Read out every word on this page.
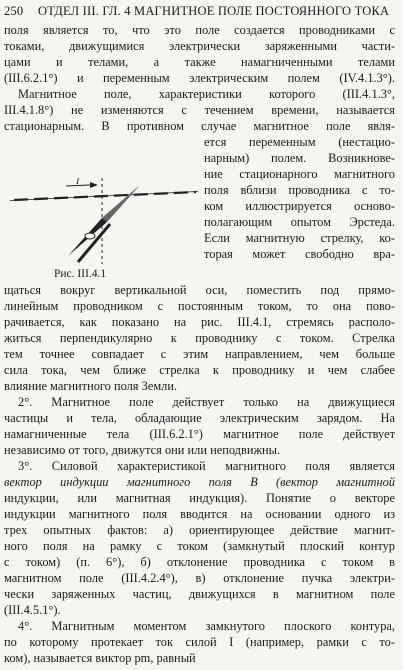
250 ОТДЕЛ III. ГЛ. 4 МАГНИТНОЕ ПОЛЕ ПОСТОЯННОГО ТОКА
I
Рис. III.4.1
поля является то, что это поле создается проводниками с
токами, движущимися электрически заряженными части-
цами и телами, а также намагниченными телами
(III.6.2.1°) и переменным электрическим полем (IV.4.1.3°).
Магнитное поле, характеристики которого (III.4.1.3°,
III.4.1.8°) не изменяются с течением времени, называется
стационарным. В противном случае магнитное поле явля-
ется переменным (нестацио-
нарным) полем. Возникнове-
ние стационарного магнитного
поля вблизи проводника с то-
ком иллюстрируется осново-
полагающим опытом Эрстеда.
Если магнитную стрелку, ко-
торая может свободно вра-
щаться вокруг вертикальной оси, поместить под прямо-
линейным проводником с постоянным током, то она пово-
рачивается, как показано на рис. III.4.1, стремясь располо-
житься перпендикулярно к проводнику с током. Стрелка
тем точнее совпадает с этим направлением, чем больше
сила тока, чем ближе стрелка к проводнику и чем слабее
влияние магнитного поля Земли.
2°. Магнитное поле действует только на движущиеся
частицы и тела, обладающие электрическим зарядом. На
намагниченные тела (III.6.2.1°) магнитное поле действует
независимо от того, движутся они или неподвижны.
3°. Силовой характеристикой магнитного поля является
вектор индукции магнитного поля B (вектор магнитной
индукции, или магнитная индукция). Понятие о векторе
индукции магнитного поля вводится на основании одного из
трех опытных фактов: а) ориентирующее действие магнит-
ного поля на рамку с током (замкнутый плоский контур
с током) (п. 6°), б) отклонение проводника с током в
магнитном поле (III.4.2.4°), в) отклонение пучка электри-
чески заряженных частиц, движущихся в магнитном поле
(III.4.5.1°).
4°. Магнитным моментом замкнутого плоского контура,
по которому протекает ток силой I (например, рамки с то-
ком), называется виктор pm, равный
